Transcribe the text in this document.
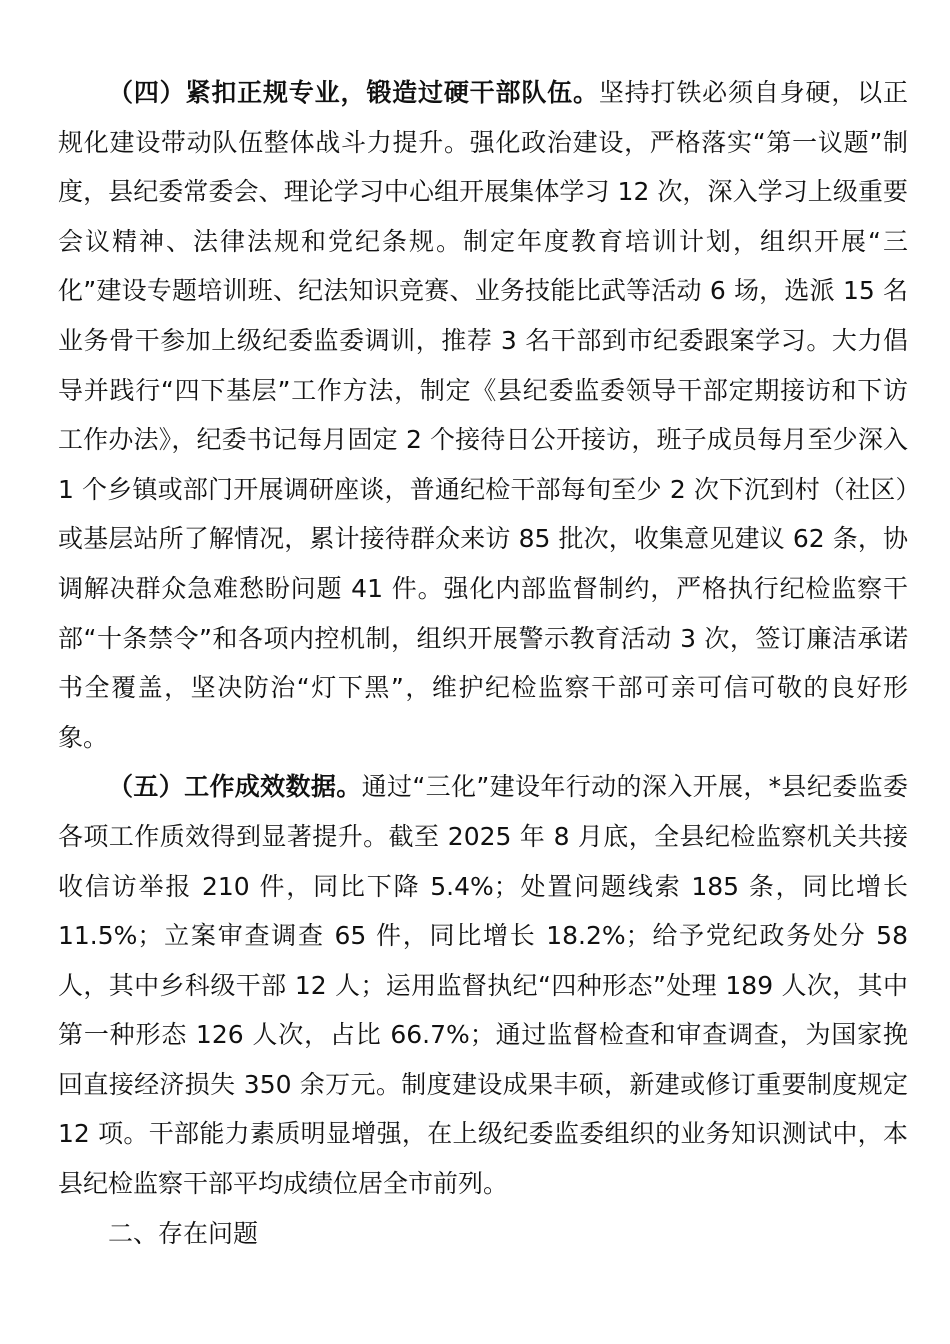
（四）紧扣正规专业，锻造过硬干部队伍。坚持打铁必须自身硬，以正规化建设带动队伍整体战斗力提升。强化政治建设，严格落实“第一议题”制度，县纪委常委会、理论学习中心组开展集体学习 12 次，深入学习上级重要会议精神、法律法规和党纪条规。制定年度教育培训计划，组织开展“三化”建设专题培训班、纪法知识竞赛、业务技能比武等活动 6 场，选派 15 名业务骨干参加上级纪委监委调训，推荐 3 名干部到市纪委跟案学习。大力倡导并践行“四下基层”工作方法，制定《县纪委监委领导干部定期接访和下访工作办法》，纪委书记每月固定 2 个接待日公开接访，班子成员每月至少深入 1 个乡镇或部门开展调研座谈，普通纪检干部每旬至少 2 次下沉到村（社区）或基层站所了解情况，累计接待群众来访 85 批次，收集意见建议 62 条，协调解决群众急难愁盼问题 41 件。强化内部监督制约，严格执行纪检监察干部“十条禁令”和各项内控机制，组织开展警示教育活动 3 次，签订廉洁承诺书全覆盖，坚决防治“灯下黑”，维护纪检监察干部可亲可信可敬的良好形象。

（五）工作成效数据。通过“三化”建设年行动的深入开展，*县纪委监委各项工作质效得到显著提升。截至 2025 年 8 月底，全县纪检监察机关共接收信访举报 210 件，同比下降 5.4%；处置问题线索 185 条，同比增长 11.5%；立案审查调查 65 件，同比增长 18.2%；给予党纪政务处分 58 人，其中乡科级干部 12 人；运用监督执纪“四种形态”处理 189 人次，其中第一种形态 126 人次，占比 66.7%；通过监督检查和审查调查，为国家挽回直接经济损失 350 余万元。制度建设成果丰硕，新建或修订重要制度规定 12 项。干部能力素质明显增强，在上级纪委监委组织的业务知识测试中，本县纪检监察干部平均成绩位居全市前列。

二、存在问题
